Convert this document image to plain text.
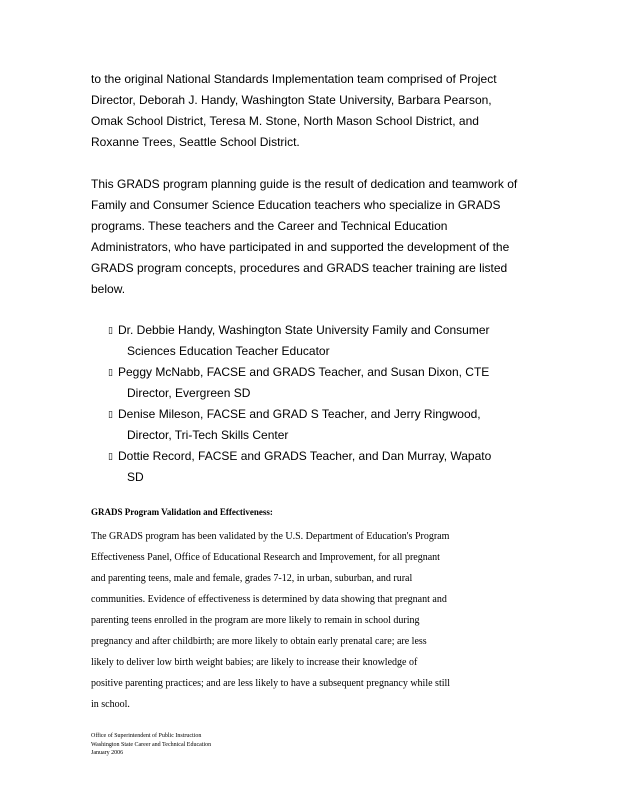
to the original National Standards Implementation team comprised of Project
Director, Deborah J. Handy, Washington State University, Barbara Pearson,
Omak School District, Teresa M. Stone, North Mason School District, and
Roxanne Trees, Seattle School District.
This GRADS program planning guide is the result of dedication and teamwork of
Family and Consumer Science Education teachers who specialize in GRADS
programs. These teachers and the Career and Technical Education
Administrators, who have participated in and supported the development of the
GRADS program concepts, procedures and GRADS teacher training are listed
below.
▯ Dr. Debbie Handy, Washington State University Family and Consumer
Sciences Education Teacher Educator
▯ Peggy McNabb, FACSE and GRADS Teacher, and Susan Dixon, CTE
Director, Evergreen SD
▯ Denise Mileson, FACSE and GRAD S Teacher, and Jerry Ringwood,
Director, Tri-Tech Skills Center
▯ Dottie Record, FACSE and GRADS Teacher, and Dan Murray, Wapato
SD
GRADS Program Validation and Effectiveness:
The GRADS program has been validated by the U.S. Department of Education's Program
Effectiveness Panel, Office of Educational Research and Improvement, for all pregnant
and parenting teens, male and female, grades 7-12, in urban, suburban, and rural
communities. Evidence of effectiveness is determined by data showing that pregnant and
parenting teens enrolled in the program are more likely to remain in school during
pregnancy and after childbirth; are more likely to obtain early prenatal care; are less
likely to deliver low birth weight babies; are likely to increase their knowledge of
positive parenting practices; and are less likely to have a subsequent pregnancy while still
in school.
Office of Superintendent of Public Instruction
Washington State Career and Technical Education
January 2006
